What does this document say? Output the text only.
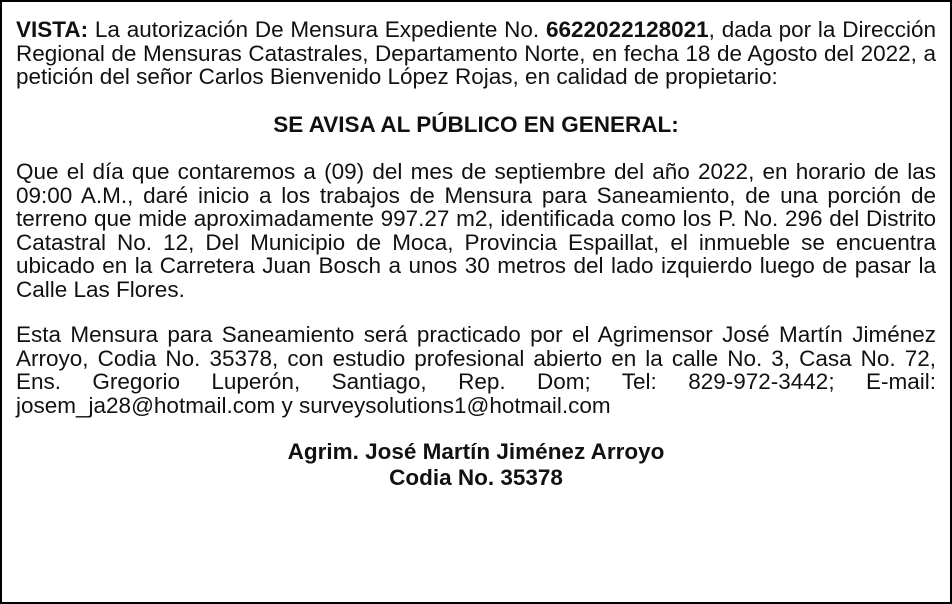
VISTA: La autorización De Mensura Expediente No. 6622022128021, dada por la Dirección Regional de Mensuras Catastrales, Departamento Norte, en fecha 18 de Agosto del 2022, a petición del señor Carlos Bienvenido López Rojas, en calidad de propietario:

SE AVISA AL PÚBLICO EN GENERAL:

Que el día que contaremos a (09) del mes de septiembre del año 2022, en horario de las 09:00 A.M., daré inicio a los trabajos de Mensura para Saneamiento, de una porción de terreno que mide aproximadamente 997.27 m2, identificada como los P. No. 296 del Distrito Catastral No. 12, Del Municipio de Moca, Provincia Espaillat, el inmueble se encuentra ubicado en la Carretera Juan Bosch a unos 30 metros del lado izquierdo luego de pasar la Calle Las Flores.

Esta Mensura para Saneamiento será practicado por el Agrimensor José Martín Jiménez Arroyo, Codia No. 35378, con estudio profesional abierto en la calle No. 3, Casa No. 72, Ens. Gregorio Luperón, Santiago, Rep. Dom; Tel: 829-972-3442; E-mail: josem_ja28@hotmail.com y surveysolutions1@hotmail.com

Agrim. José Martín Jiménez Arroyo
Codia No. 35378
